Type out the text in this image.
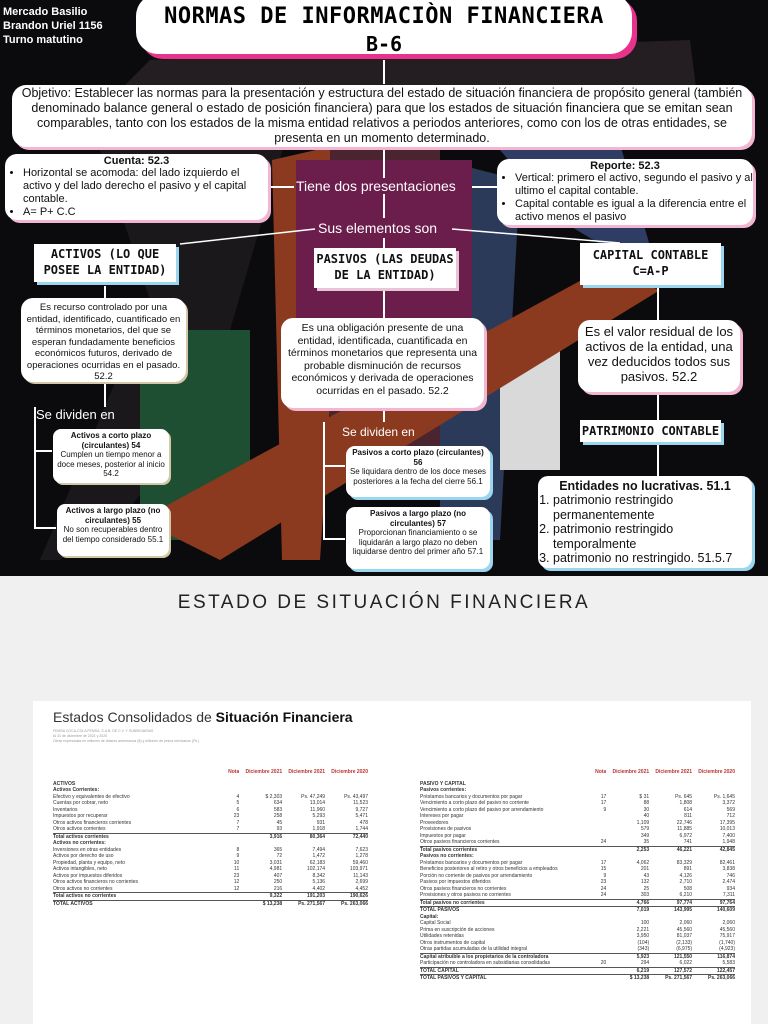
Mercado Basilio
Brandon Uriel 1156
Turno matutino
NORMAS DE INFORMACIÒN FINANCIERA
B-6
Objetivo: Establecer las normas para la presentación y estructura del estado de situación financiera de propósito general (también denominado balance general o estado de posición financiera) para que los estados de situación financiera que se emitan sean comparables, tanto con los estados de la misma entidad relativos a periodos anteriores, como con los de otras entidades, se presenta en un momento determinado.
Cuenta: 52.3
• Horizontal se acomoda: del lado izquierdo el activo y del lado derecho el pasivo y el capital contable.
• A= P+ C.C
Tiene dos presentaciones
Reporte: 52.3
• Vertical: primero el activo, segundo el pasivo y al ultimo el capital contable.
• Capital contable es igual a la diferencia entre el activo menos el pasivo
Sus elementos son
ACTIVOS (LO QUE POSEE LA ENTIDAD)
Es recurso controlado por una entidad, identificado, cuantificado en términos monetarios, del que se esperan fundadamente beneficios económicos futuros, derivado de operaciones ocurridas en el pasado. 52.2
Se dividen en
Activos a corto plazo (circulantes) 54
Cumplen un tiempo menor a doce meses, posterior al inicio 54.2
Activos a largo plazo (no circulantes) 55
No son recuperables dentro del tiempo considerado 55.1
PASIVOS (LAS DEUDAS DE LA ENTIDAD)
Es una obligación presente de una entidad, identificada, cuantificada en términos monetarios que representa una probable disminución de recursos económicos y derivada de operaciones ocurridas en el pasado. 52.2
Se dividen en
Pasivos a corto plazo (circulantes) 56
Se liquidara dentro de los doce meses posteriores a la fecha del cierre 56.1
Pasivos a largo plazo (no circulantes) 57
Proporcionan financiamiento o se liquidarán a largo plazo no deben liquidarse dentro del primer año 57.1
CAPITAL CONTABLE
C=A-P
Es el valor residual de los activos de la entidad, una vez deducidos todos sus pasivos. 52.2
PATRIMONIO CONTABLE
Entidades no lucrativas. 51.1
1. patrimonio restringido permanentemente
2. patrimonio restringido temporalmente
3. patrimonio no restringido. 51.5.7
ESTADO DE SITUACIÓN FINANCIERA
Estados Consolidados de Situación Financiera
FEMSA COCA-COLA FEMSA, S.A.B. DE C.V. Y SUBSIDIARIAS
Al 31 de diciembre de 2021 y 2020
Cifras expresadas en millones de dólares americanos ($) y millones de pesos mexicanos (Ps.)
	Nota	Diciembre 2021	Diciembre 2021	Diciembre 2020
ACTIVOS				
Activos Corrientes:				
Efectivo y equivalentes de efectivo	4	$ 2,303	Ps. 47,249	Ps. 43,497
Cuentas por cobrar, neto	5	634	13,014	11,523
Inventarios	6	583	11,960	9,727
Impuestos por recuperar	23	258	5,293	5,471
Otros activos financieros corrientes	7	45	931	478
Otros activos corrientes	7	93	1,918	1,744
Total activos corrientes		3,916	80,364	72,440

Activos no corrientes:				
Inversiones en otras entidades	8	365	7,494	7,623
Activos por derecho de uso	9	72	1,472	1,278
Propiedad, planta y equipo, neto	10	3,031	62,183	59,460
Activos intangibles, neto	11	4,981	102,174	103,971
Activos por impuestos diferidos	23	407	8,342	11,143
Otros activos financieros no corrientes	12	250	5,136	2,699
Otros activos no corrientes	12	216	4,402	4,452
Total activos no corrientes		9,322	191,203	190,626
TOTAL ACTIVOS		$ 13,238	Ps. 271,567	Ps. 263,066
	Nota	Diciembre 2021	Diciembre 2021	Diciembre 2020
PASIVO Y CAPITAL				
Pasivos corrientes:				
Préstamos bancarios y documentos por pagar	17	$ 31	Ps. 645	Ps. 1,645
Vencimiento a corto plazo del pasivo no corriente	17	88	1,808	3,372
Vencimiento a corto plazo del pasivo por arrendamiento	9	30	614	569
Intereses por pagar		40	811	712
Proveedores		1,109	22,746	17,395
Provisiones de pasivos		579	11,885	10,013
Impuestos por pagar		349	6,972	7,400
Otros pasivos financieros corrientes	24	35	741	1,948
Total pasivos corrientes		2,253	46,221	42,845

Pasivos no corrientes:				
Préstamos bancarios y documentos por pagar	17	4,062	83,329	82,461
Beneficios posteriores al retiro y otros beneficios a empleados	15	201	891	3,838
Porción no corriente de pasivos por arrendamiento	9	43	4,126	746
Pasivos por impuestos diferidos	23	132	2,710	2,474
Otros pasivos financieros no corrientes	24	25	508	934
Provisiones y otros pasivos no corrientes	24	303	6,210	7,311
Total pasivos no corrientes		4,766	97,774	97,764
TOTAL PASIVOS		7,019	143,995	140,609

Capital:				
Capital Social		100	2,060	2,060
Prima en suscripción de acciones		2,221	45,560	45,560
Utilidades retenidas		3,950	81,037	75,917
Otros instrumentos de capital		(104)	(2,133)	(1,740)
Otras partidas acumuladas de la utilidad integral		(343)	(6,975)	(4,923)
Capital atribuible a los propietarios de la controladora		5,923	121,550	116,874
Participación no controladora en subsidiarias consolidadas	20	294	6,022	5,583
TOTAL CAPITAL		6,219	127,572	122,457
TOTAL PASIVOS Y CAPITAL		$ 13,238	Ps. 271,567	Ps. 263,066
